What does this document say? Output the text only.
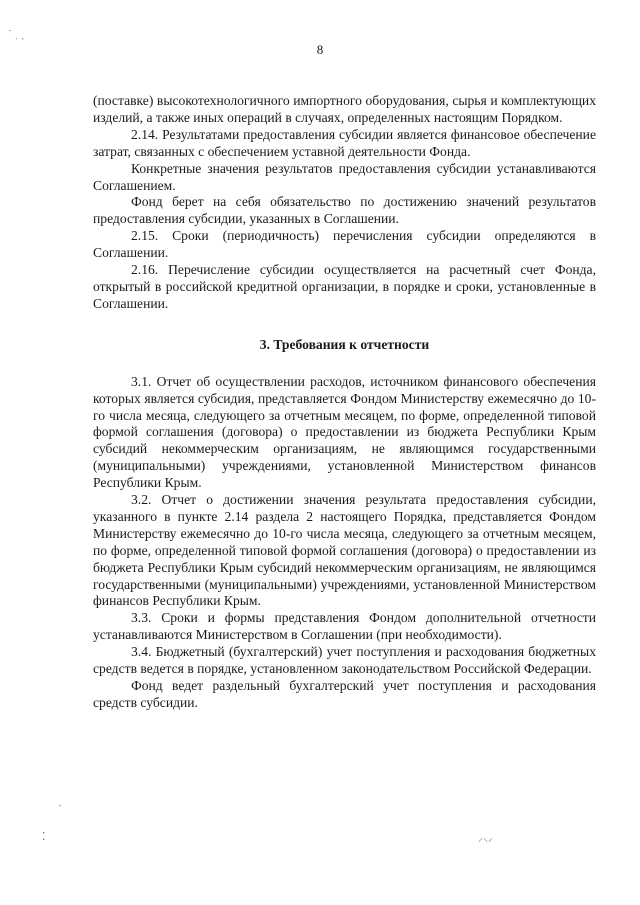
8
˙ ˌ ˏ
ˏ
⁚	⸝⸜⸝

(поставке) высокотехнологичного импортного оборудования, сырья и комплектующих изделий, а также иных операций в случаях, определенных настоящим Порядком.

2.14. Результатами предоставления субсидии является финансовое обеспечение затрат, связанных с обеспечением уставной деятельности Фонда.

Конкретные значения результатов предоставления субсидии устанавливаются Соглашением.

Фонд берет на себя обязательство по достижению значений результатов предоставления субсидии, указанных в Соглашении.

2.15. Сроки (периодичность) перечисления субсидии определяются в Соглашении.

2.16. Перечисление субсидии осуществляется на расчетный счет Фонда, открытый в российской кредитной организации, в порядке и сроки, установленные в Соглашении.

3. Требования к отчетности

3.1. Отчет об осуществлении расходов, источником финансового обеспечения которых является субсидия, представляется Фондом Министерству ежемесячно до 10-го числа месяца, следующего за отчетным месяцем, по форме, определенной типовой формой соглашения (договора) о предоставлении из бюджета Республики Крым субсидий некоммерческим организациям, не являющимся государственными (муниципальными) учреждениями, установленной Министерством финансов Республики Крым.

3.2. Отчет о достижении значения результата предоставления субсидии, указанного в пункте 2.14 раздела 2 настоящего Порядка, представляется Фондом Министерству ежемесячно до 10-го числа месяца, следующего за отчетным месяцем, по форме, определенной типовой формой соглашения (договора) о предоставлении из бюджета Республики Крым субсидий некоммерческим организациям, не являющимся государственными (муниципальными) учреждениями, установленной Министерством финансов Республики Крым.

3.3. Сроки и формы представления Фондом дополнительной отчетности устанавливаются Министерством в Соглашении (при необходимости).

3.4. Бюджетный (бухгалтерский) учет поступления и расходования бюджетных средств ведется в порядке, установленном законодательством Российской Федерации.

Фонд ведет раздельный бухгалтерский учет поступления и расходования средств субсидии.
